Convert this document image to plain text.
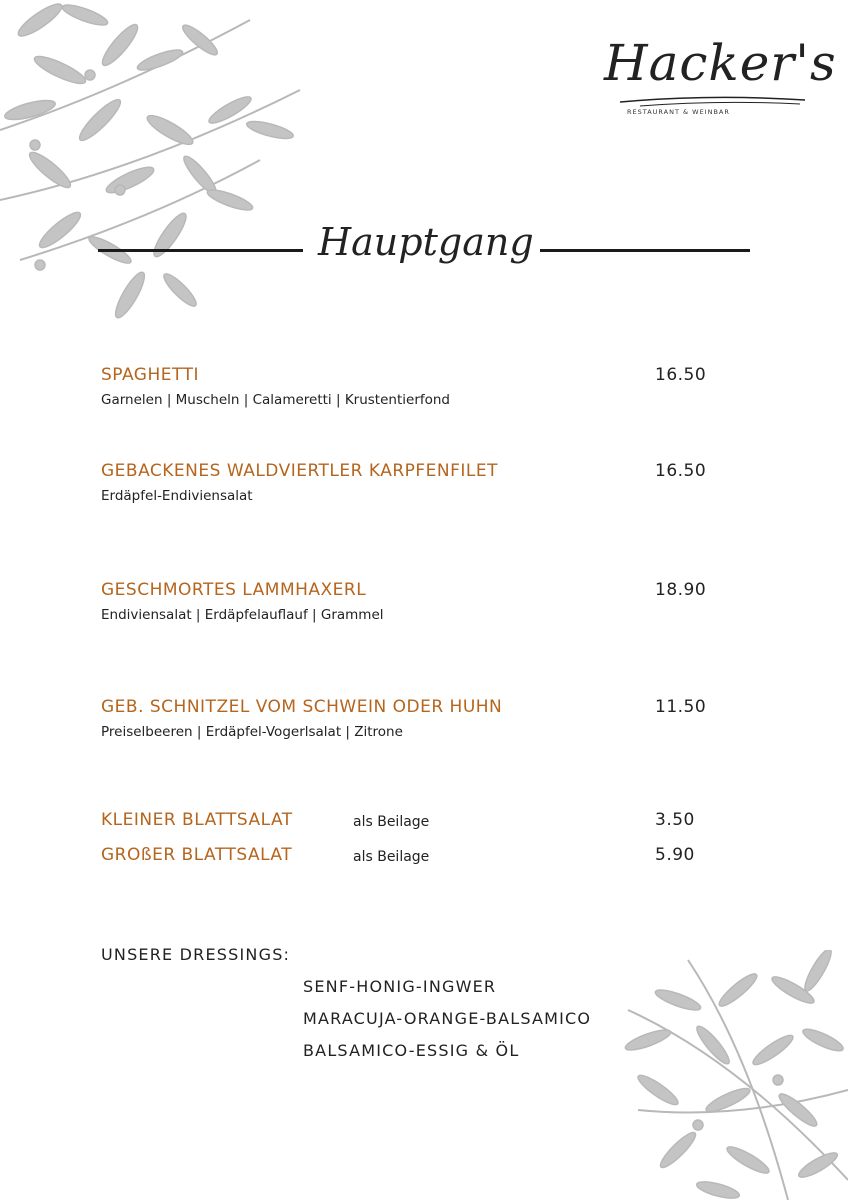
Hacker's
RESTAURANT & WEINBAR
Hauptgang
SPAGHETTI	16.50
Garnelen | Muscheln | Calameretti | Krustentierfond
GEBACKENES WALDVIERTLER KARPFENFILET	16.50
Erdäpfel-Endiviensalat
GESCHMORTES LAMMHAXERL	18.90
Endiviensalat | Erdäpfelauflauf | Grammel
GEB. SCHNITZEL VOM SCHWEIN ODER HUHN	11.50
Preiselbeeren | Erdäpfel-Vogerlsalat | Zitrone
KLEINER BLATTSALAT	als Beilage	3.50
GROßER BLATTSALAT	als Beilage	5.90
UNSERE DRESSINGS:
SENF-HONIG-INGWER
MARACUJA-ORANGE-BALSAMICO
BALSAMICO-ESSIG & ÖL
